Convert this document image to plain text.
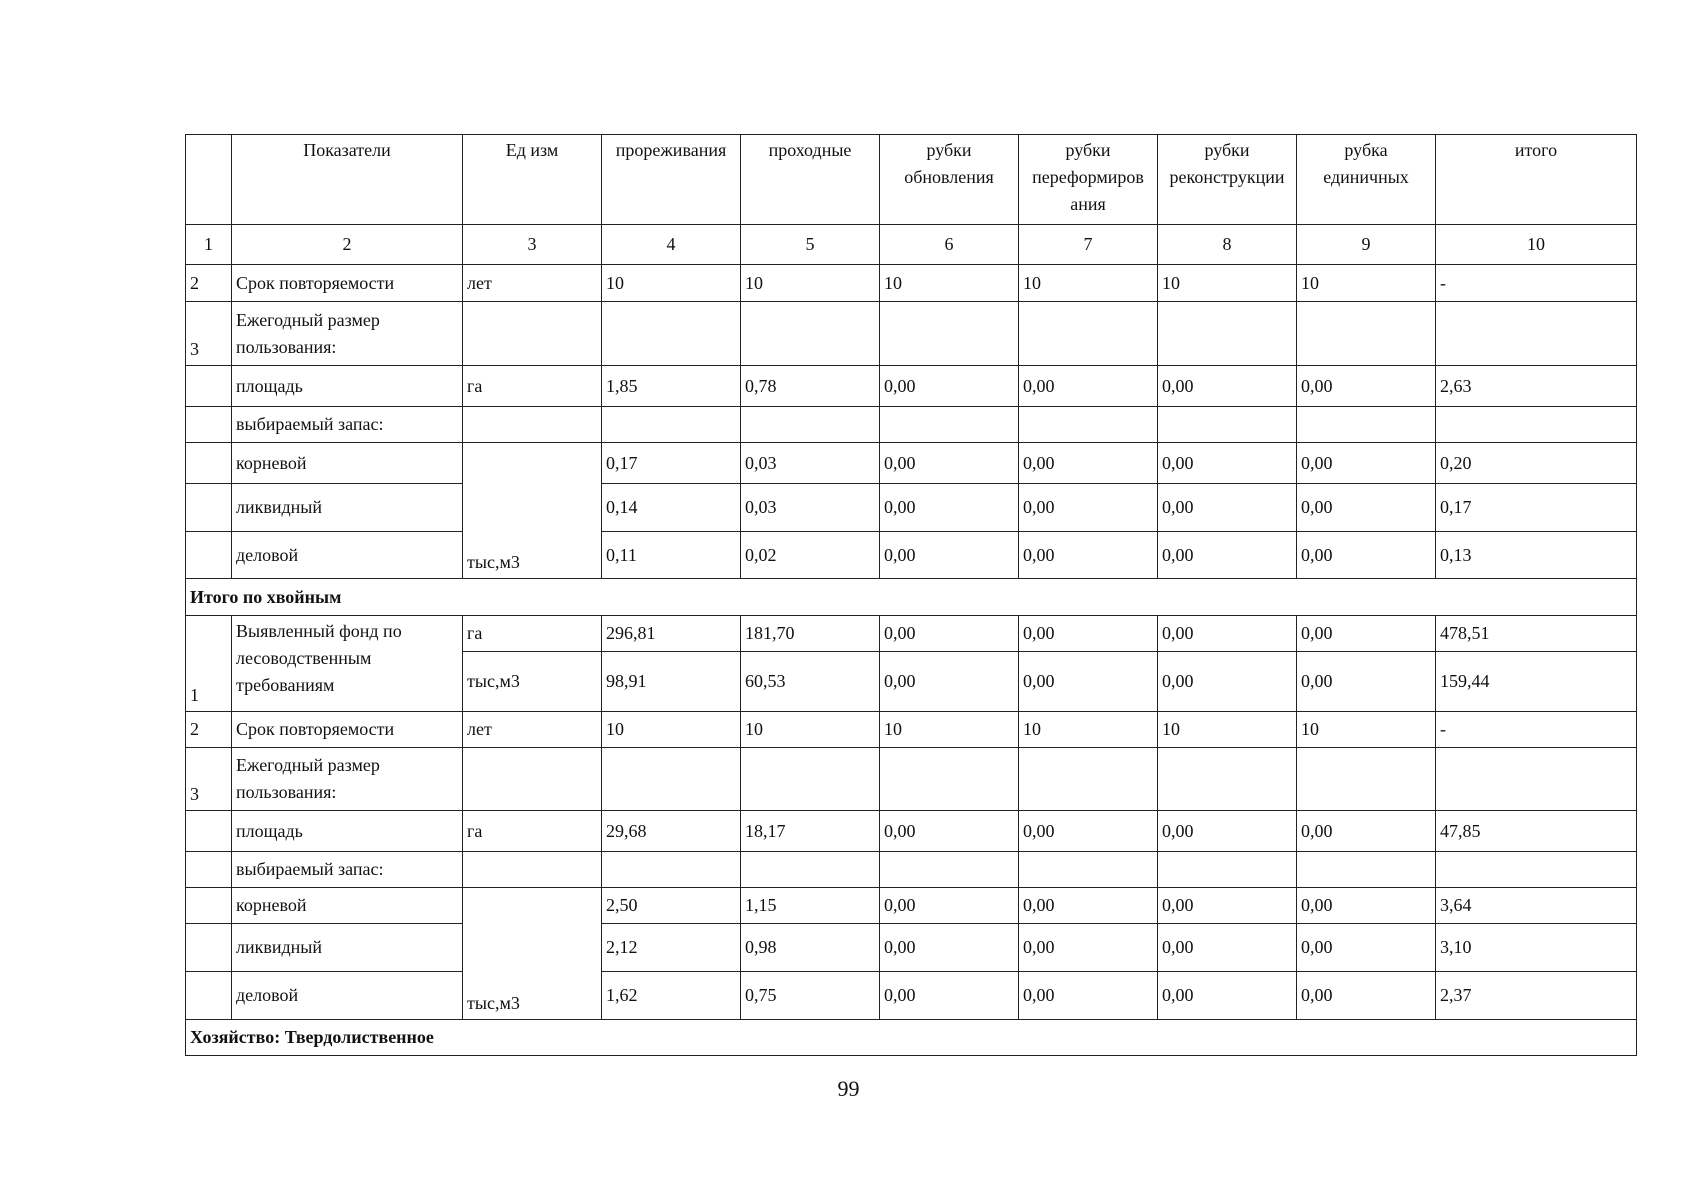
	Показатели	Ед изм	прореживания	проходные	рубки обновления	рубки переформиров ания	рубки реконструкции	рубка единичных	итого
1	2	3	4	5	6	7	8	9	10
2	Срок повторяемости	лет	10	10	10	10	10	10	-
3	Ежегодный размер пользования:								
	площадь	га	1,85	0,78	0,00	0,00	0,00	0,00	2,63
	выбираемый запас:								
	корневой	тыс,м3	0,17	0,03	0,00	0,00	0,00	0,00	0,20
	ликвидный		0,14	0,03	0,00	0,00	0,00	0,00	0,17
	деловой		0,11	0,02	0,00	0,00	0,00	0,00	0,13
Итого по хвойным									
1	Выявленный фонд по лесоводственным требованиям	га	296,81	181,70	0,00	0,00	0,00	0,00	478,51
		тыс,м3	98,91	60,53	0,00	0,00	0,00	0,00	159,44
2	Срок повторяемости	лет	10	10	10	10	10	10	-
3	Ежегодный размер пользования:								
	площадь	га	29,68	18,17	0,00	0,00	0,00	0,00	47,85
	выбираемый запас:								
	корневой	тыс,м3	2,50	1,15	0,00	0,00	0,00	0,00	3,64
	ликвидный		2,12	0,98	0,00	0,00	0,00	0,00	3,10
	деловой		1,62	0,75	0,00	0,00	0,00	0,00	2,37
Хозяйство: Твердолиственное									
99
